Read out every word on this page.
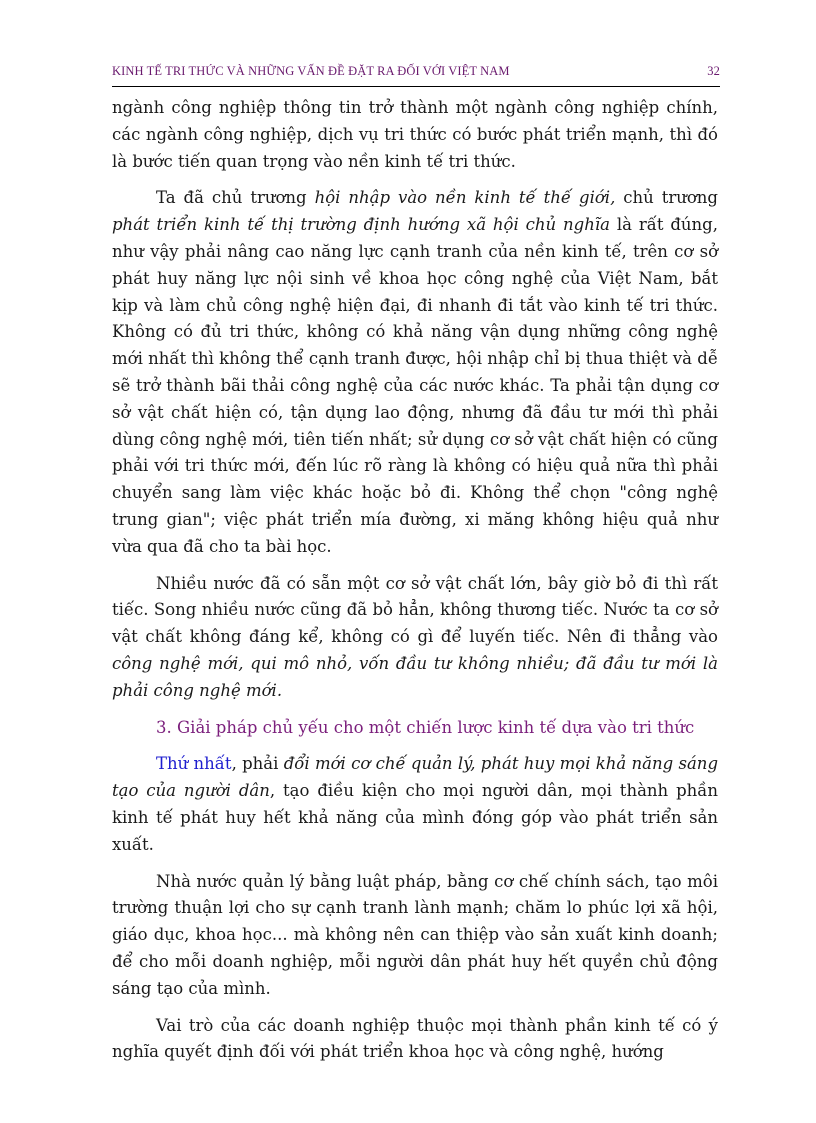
KINH TẾ TRI THỨC VÀ NHỮNG VẤN ĐỀ ĐẶT RA ĐỐI VỚI VIỆT NAM	32

ngành công nghiệp thông tin trở thành một ngành công nghiệp chính, các ngành công nghiệp, dịch vụ tri thức có bước phát triển mạnh, thì đó là bước tiến quan trọng vào nền kinh tế tri thức.

Ta đã chủ trương hội nhập vào nền kinh tế thế giới, chủ trương phát triển kinh tế thị trường định hướng xã hội chủ nghĩa là rất đúng, như vậy phải nâng cao năng lực cạnh tranh của nền kinh tế, trên cơ sở phát huy năng lực nội sinh về khoa học công nghệ của Việt Nam, bắt kịp và làm chủ công nghệ hiện đại, đi nhanh đi tắt vào kinh tế tri thức. Không có đủ tri thức, không có khả năng vận dụng những công nghệ mới nhất thì không thể cạnh tranh được, hội nhập chỉ bị thua thiệt và dễ sẽ trở thành bãi thải công nghệ của các nước khác. Ta phải tận dụng cơ sở vật chất hiện có, tận dụng lao động, nhưng đã đầu tư mới thì phải dùng công nghệ mới, tiên tiến nhất; sử dụng cơ sở vật chất hiện có cũng phải với tri thức mới, đến lúc rõ ràng là không có hiệu quả nữa thì phải chuyển sang làm việc khác hoặc bỏ đi. Không thể chọn "công nghệ trung gian"; việc phát triển mía đường, xi măng không hiệu quả như vừa qua đã cho ta bài học.

Nhiều nước đã có sẵn một cơ sở vật chất lớn, bây giờ bỏ đi thì rất tiếc. Song nhiều nước cũng đã bỏ hẳn, không thương tiếc. Nước ta cơ sở vật chất không đáng kể, không có gì để luyến tiếc. Nên đi thẳng vào công nghệ mới, qui mô nhỏ, vốn đầu tư không nhiều; đã đầu tư mới là phải công nghệ mới.

3. Giải pháp chủ yếu cho một chiến lược kinh tế dựa vào tri thức

Thứ nhất, phải đổi mới cơ chế quản lý, phát huy mọi khả năng sáng tạo của người dân, tạo điều kiện cho mọi người dân, mọi thành phần kinh tế phát huy hết khả năng của mình đóng góp vào phát triển sản xuất.

Nhà nước quản lý bằng luật pháp, bằng cơ chế chính sách, tạo môi trường thuận lợi cho sự cạnh tranh lành mạnh; chăm lo phúc lợi xã hội, giáo dục, khoa học... mà không nên can thiệp vào sản xuất kinh doanh; để cho mỗi doanh nghiệp, mỗi người dân phát huy hết quyền chủ động sáng tạo của mình.

Vai trò của các doanh nghiệp thuộc mọi thành phần kinh tế có ý nghĩa quyết định đối với phát triển khoa học và công nghệ, hướng
